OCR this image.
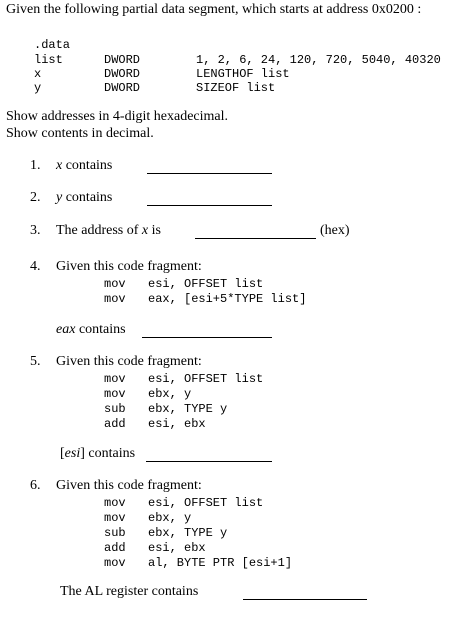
Given the following partial data segment, which starts at address 0x0200 :
.data
list	DWORD	1, 2, 6, 24, 120, 720, 5040, 40320
x	DWORD	LENGTHOF list
y	DWORD	SIZEOF list
Show addresses in 4-digit hexadecimal.
Show contents in decimal.
1. x contains
2. y contains
3. The address of x is	(hex)
4. Given this code fragment:
mov esi, OFFSET list
mov eax, [esi+5*TYPE list]
eax contains
5. Given this code fragment:
mov esi, OFFSET list
mov ebx, y
sub ebx, TYPE y
add esi, ebx
[esi] contains
6. Given this code fragment:
mov esi, OFFSET list
mov ebx, y
sub ebx, TYPE y
add esi, ebx
mov al, BYTE PTR [esi+1]
The AL register contains
